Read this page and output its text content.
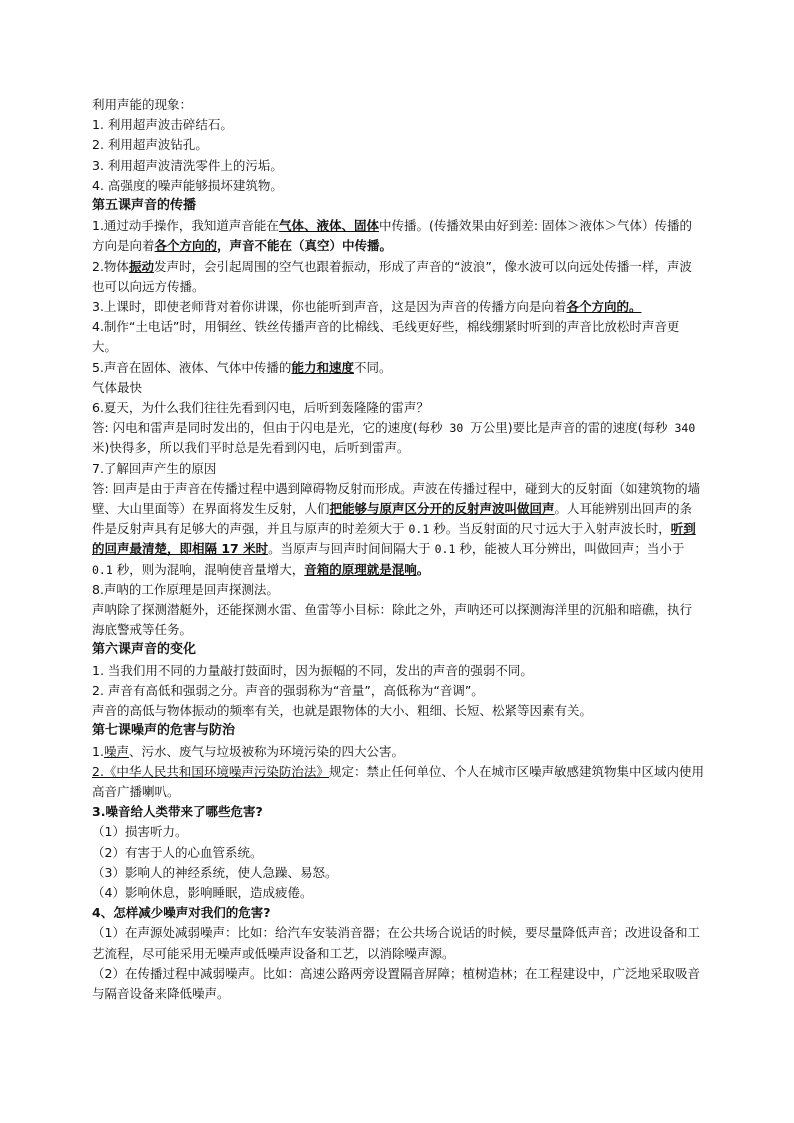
利用声能的现象：
1. 利用超声波击碎结石。
2. 利用超声波钻孔。
3. 利用超声波清洗零件上的污垢。
4. 高强度的噪声能够损坏建筑物。
第五课声音的传播
1.通过动手操作，我知道声音能在气体、液体、固体中传播。(传播效果由好到差: 固体＞液体＞气体）传播的方向是向着各个方向的，声音不能在（真空）中传播。
2.物体振动发声时，会引起周围的空气也跟着振动，形成了声音的“波浪”，像水波可以向远处传播一样，声波也可以向远方传播。
3.上课时，即使老师背对着你讲课，你也能听到声音，这是因为声音的传播方向是向着各个方向的。
4.制作“土电话”时，用铜丝、铁丝传播声音的比棉线、毛线更好些，棉线绷紧时听到的声音比放松时声音更大。
5.声音在固体、液体、气体中传播的能力和速度不同。
气体最快
6.夏天，为什么我们往往先看到闪电，后听到轰隆隆的雷声？
答: 闪电和雷声是同时发出的，但由于闪电是光，它的速度(每秒 30 万公里)要比是声音的雷的速度(每秒 340 米)快得多，所以我们平时总是先看到闪电，后听到雷声。
7.了解回声产生的原因
答: 回声是由于声音在传播过程中遇到障碍物反射而形成。声波在传播过程中，碰到大的反射面（如建筑物的墙壁、大山里面等）在界面将发生反射，人们把能够与原声区分开的反射声波叫做回声。人耳能辨别出回声的条件是反射声具有足够大的声强，并且与原声的时差须大于 0.1 秒。当反射面的尺寸远大于入射声波长时，听到的回声最清楚，即相隔 17 米时。当原声与回声时间间隔大于 0.1 秒，能被人耳分辨出，叫做回声；当小于 0.1 秒，则为混响，混响使音量增大，音箱的原理就是混响。
8.声呐的工作原理是回声探测法。
声呐除了探测潜艇外，还能探测水雷、鱼雷等小目标：除此之外，声呐还可以探测海洋里的沉船和暗礁，执行海底警戒等任务。
第六课声音的变化
1. 当我们用不同的力量敲打鼓面时，因为振幅的不同，发出的声音的强弱不同。
2. 声音有高低和强弱之分。声音的强弱称为“音量”，高低称为“音调”。
声音的高低与物体振动的频率有关，也就是跟物体的大小、粗细、长短、松紧等因素有关。
第七课噪声的危害与防治
1.噪声、污水、废气与垃圾被称为环境污染的四大公害。
2.《中华人民共和国环境噪声污染防治法》规定：禁止任何单位、个人在城市区噪声敏感建筑物集中区域内使用高音广播喇叭。
3.噪音给人类带来了哪些危害?
（1）损害听力。
（2）有害于人的心血管系统。
（3）影响人的神经系统，使人急躁、易怒。
（4）影响休息，影响睡眠，造成疲倦。
4、怎样减少噪声对我们的危害?
（1）在声源处减弱噪声：比如：给汽车安装消音器；在公共场合说话的时候，要尽量降低声音；改进设备和工艺流程，尽可能采用无噪声或低噪声设备和工艺，以消除噪声源。
（2）在传播过程中减弱噪声。比如：高速公路两旁设置隔音屏障；植树造林；在工程建设中，广泛地采取吸音与隔音设备来降低噪声。
